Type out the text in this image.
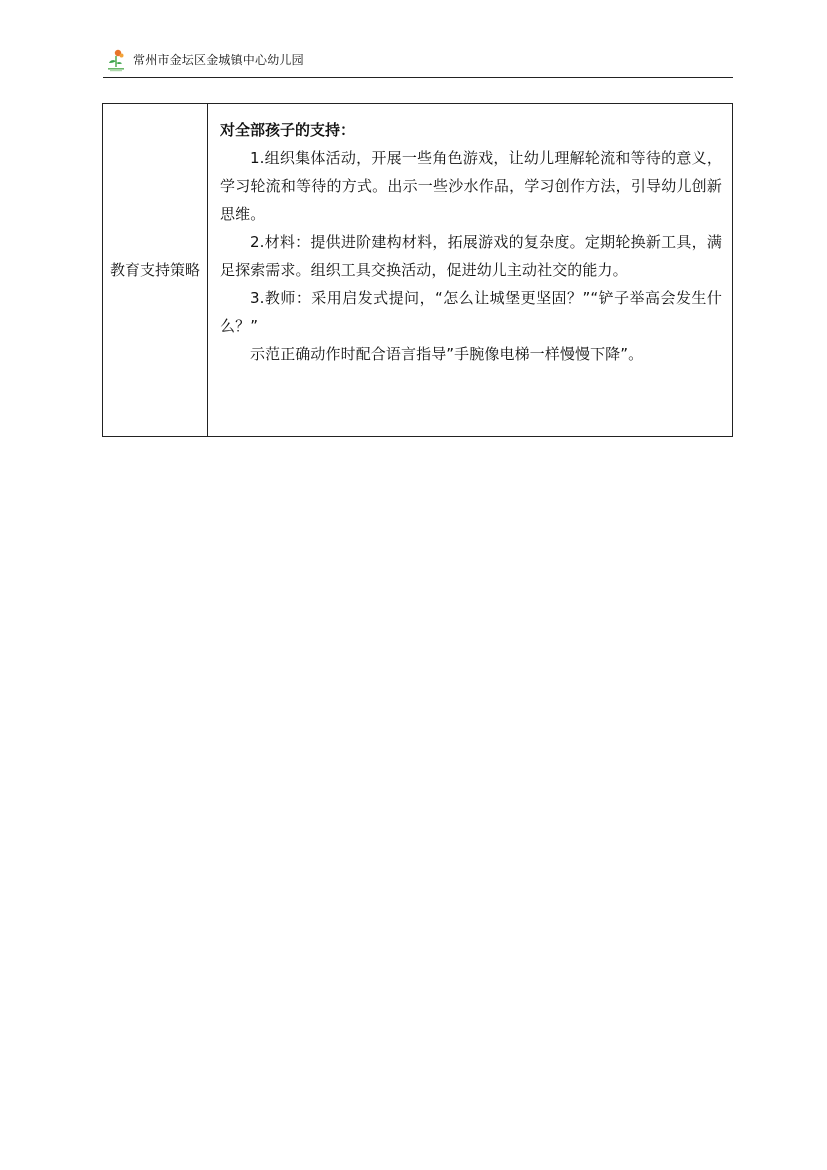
常州市金坛区金城镇中心幼儿园
教育支持策略

对全部孩子的支持：

1.组织集体活动，开展一些角色游戏，让幼儿理解轮流和等待的意义，学习轮流和等待的方式。出示一些沙水作品，学习创作方法，引导幼儿创新思维。

2.材料：提供进阶建构材料，拓展游戏的复杂度。定期轮换新工具，满足探索需求。组织工具交换活动，促进幼儿主动社交的能力。

3.教师：采用启发式提问，“怎么让城堡更坚固？”“铲子举高会发生什么？”

示范正确动作时配合语言指导”手腕像电梯一样慢慢下降”。
